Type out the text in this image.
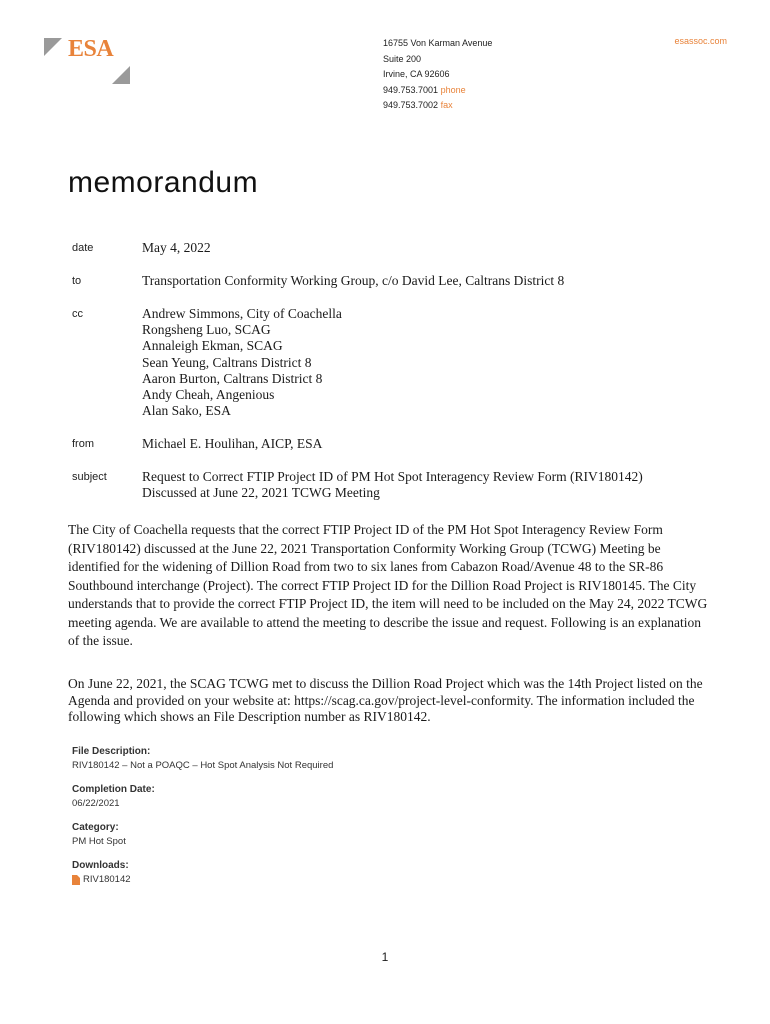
ESA	16755 Von Karman Avenue
Suite 200
Irvine, CA 92606
949.753.7001 phone
949.753.7002 fax
esassoc.com
memorandum
date	May 4, 2022
to	Transportation Conformity Working Group, c/o David Lee, Caltrans District 8
cc	Andrew Simmons, City of Coachella
Rongsheng Luo, SCAG
Annaleigh Ekman, SCAG
Sean Yeung, Caltrans District 8
Aaron Burton, Caltrans District 8
Andy Cheah, Angenious
Alan Sako, ESA
from	Michael E. Houlihan, AICP, ESA
subject	Request to Correct FTIP Project ID of PM Hot Spot Interagency Review Form (RIV180142)
Discussed at June 22, 2021 TCWG Meeting

The City of Coachella requests that the correct FTIP Project ID of the PM Hot Spot Interagency Review Form (RIV180142) discussed at the June 22, 2021 Transportation Conformity Working Group (TCWG) Meeting be identified for the widening of Dillion Road from two to six lanes from Cabazon Road/Avenue 48 to the SR-86 Southbound interchange (Project). The correct FTIP Project ID for the Dillion Road Project is RIV180145. The City understands that to provide the correct FTIP Project ID, the item will need to be included on the May 24, 2022 TCWG meeting agenda. We are available to attend the meeting to describe the issue and request. Following is an explanation of the issue.

On June 22, 2021, the SCAG TCWG met to discuss the Dillion Road Project which was the 14th Project listed on the Agenda and provided on your website at: https://scag.ca.gov/project-level-conformity. The information included the following which shows an File Description number as RIV180142.

File Description:
RIV180142 – Not a POAQC – Hot Spot Analysis Not Required
Completion Date:
06/22/2021
Category:
PM Hot Spot
Downloads:
RIV180142
1
